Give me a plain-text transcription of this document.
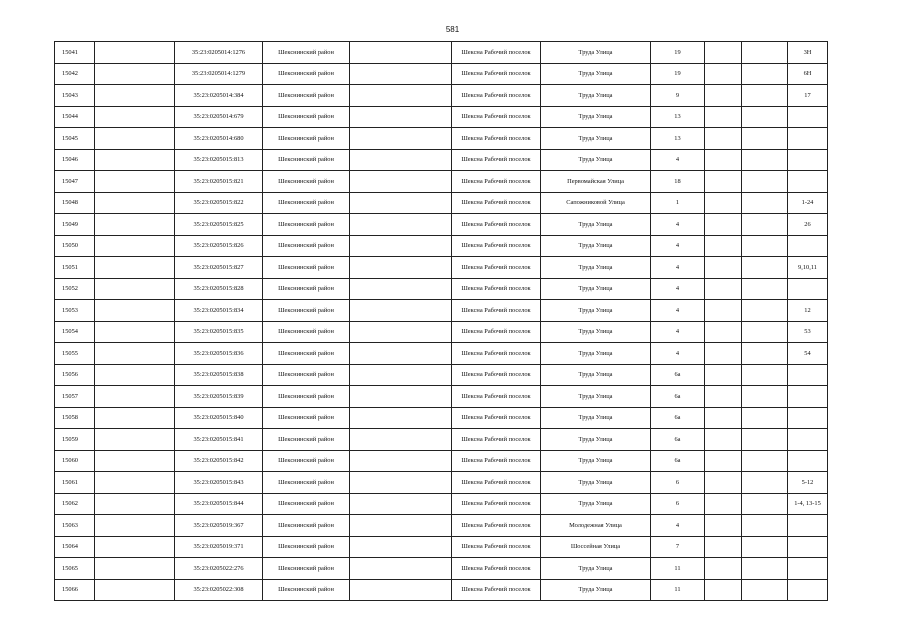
581
15041		35:23:0205014:1276	Шекснинский район		Шексна Рабочий поселок	Труда Улица	19			3Н
15042		35:23:0205014:1279	Шекснинский район		Шексна Рабочий поселок	Труда Улица	19			6Н
15043		35:23:0205014:384	Шекснинский район		Шексна Рабочий поселок	Труда Улица	9			17
15044		35:23:0205014:679	Шекснинский район		Шексна Рабочий поселок	Труда Улица	13			
15045		35:23:0205014:680	Шекснинский район		Шексна Рабочий поселок	Труда Улица	13			
15046		35:23:0205015:813	Шекснинский район		Шексна Рабочий поселок	Труда Улица	4			
15047		35:23:0205015:821	Шекснинский район		Шексна Рабочий поселок	Первомайская Улица	18			
15048		35:23:0205015:822	Шекснинский район		Шексна Рабочий поселок	Сапожниковой Улица	1			1-24
15049		35:23:0205015:825	Шекснинский район		Шексна Рабочий поселок	Труда Улица	4			26
15050		35:23:0205015:826	Шекснинский район		Шексна Рабочий поселок	Труда Улица	4			
15051		35:23:0205015:827	Шекснинский район		Шексна Рабочий поселок	Труда Улица	4			9,10,11
15052		35:23:0205015:828	Шекснинский район		Шексна Рабочий поселок	Труда Улица	4			
15053		35:23:0205015:834	Шекснинский район		Шексна Рабочий поселок	Труда Улица	4			12
15054		35:23:0205015:835	Шекснинский район		Шексна Рабочий поселок	Труда Улица	4			53
15055		35:23:0205015:836	Шекснинский район		Шексна Рабочий поселок	Труда Улица	4			54
15056		35:23:0205015:838	Шекснинский район		Шексна Рабочий поселок	Труда Улица	6а			
15057		35:23:0205015:839	Шекснинский район		Шексна Рабочий поселок	Труда Улица	6а			
15058		35:23:0205015:840	Шекснинский район		Шексна Рабочий поселок	Труда Улица	6а			
15059		35:23:0205015:841	Шекснинский район		Шексна Рабочий поселок	Труда Улица	6а			
15060		35:23:0205015:842	Шекснинский район		Шексна Рабочий поселок	Труда Улица	6а			
15061		35:23:0205015:843	Шекснинский район		Шексна Рабочий поселок	Труда Улица	6			5-12
15062		35:23:0205015:844	Шекснинский район		Шексна Рабочий поселок	Труда Улица	6			1-4, 13-15
15063		35:23:0205019:367	Шекснинский район		Шексна Рабочий поселок	Молодежная Улица	4			
15064		35:23:0205019:371	Шекснинский район		Шексна Рабочий поселок	Шоссейная Улица	7			
15065		35:23:0205022:276	Шекснинский район		Шексна Рабочий поселок	Труда Улица	11			
15066		35:23:0205022:308	Шекснинский район		Шексна Рабочий поселок	Труда Улица	11			
